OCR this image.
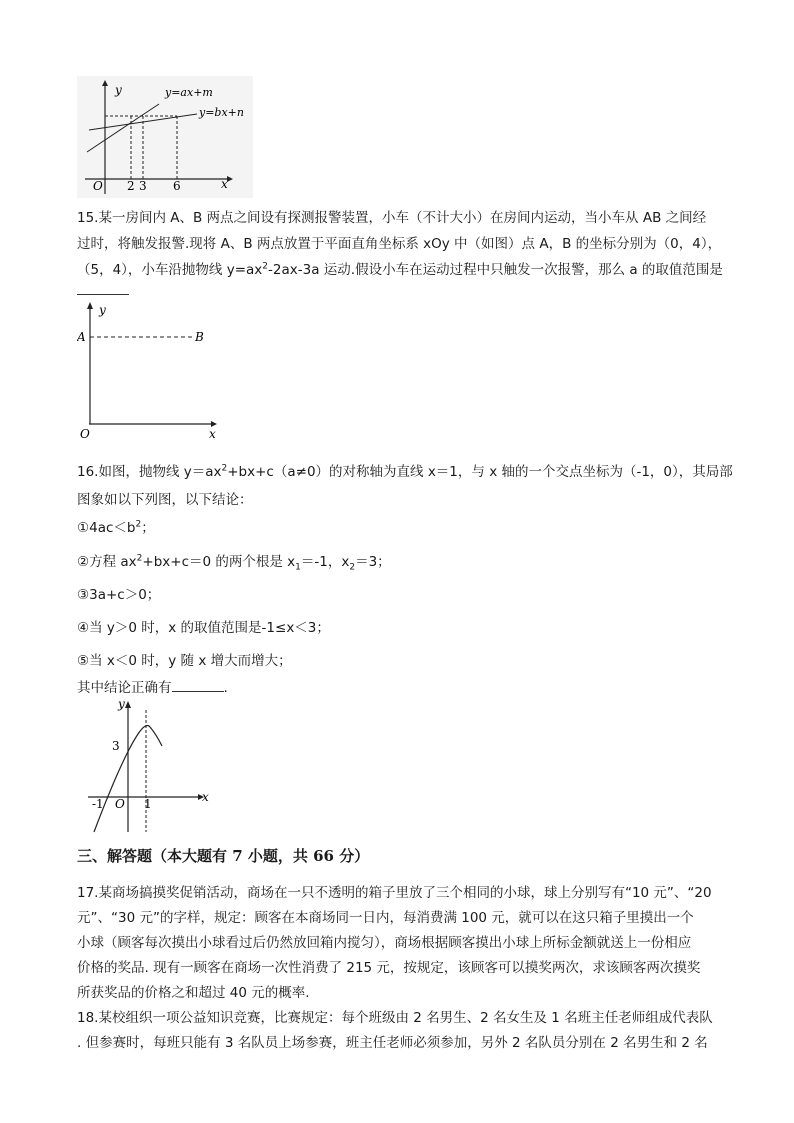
y
x
O
y=ax+m
y=bx+n
2 3 6
15.某一房间内 A、B 两点之间设有探测报警装置，小车（不计大小）在房间内运动，当小车从 AB 之间经
过时，将触发报警.现将 A、B 两点放置于平面直角坐标系 xOy 中（如图）点 A，B 的坐标分别为（0，4），
（5，4），小车沿抛物线 $y=ax^2-2ax-3a$ 运动.假设小车在运动过程中只触发一次报警，那么 a 的取值范围是
y
x
O
A	B
16.如图，抛物线 $y=ax^2+bx+c(a\ne 0)$的对称轴为直线 x＝1，与 x 轴的一个交点坐标为（-1，0），其局部
图象如以下列图，以下结论：
$①4ac<b^2$；
②方程 $ax^2+bx+c=0$ 的两个根是 $x_1=-1$，$x_2=3$；
③3a+c＞0；
④当 y＞0 时，x 的取值范围是-1≤x＜3；
⑤当 x＜0 时，y 随 x 增大而增大；
其中结论正确有	.
y
x
O
3
-1	1
三、解答题（本大题有 7 小题，共 66 分）
17.某商场搞摸奖促销活动，商场在一只不透明的箱子里放了三个相同的小球，球上分别写有“10 元”、“20
元”、“30 元”的字样，规定：顾客在本商场同一日内，每消费满 100 元，就可以在这只箱子里摸出一个
小球（顾客每次摸出小球看过后仍然放回箱内搅匀），商场根据顾客摸出小球上所标金额就送上一份相应
价格的奖品. 现有一顾客在商场一次性消费了 215 元，按规定，该顾客可以摸奖两次，求该顾客两次摸奖
所获奖品的价格之和超过 40 元的概率.
18.某校组织一项公益知识竞赛，比赛规定：每个班级由 2 名男生、2 名女生及 1 名班主任老师组成代表队
. 但参赛时，每班只能有 3 名队员上场参赛，班主任老师必须参加，另外 2 名队员分别在 2 名男生和 2 名
